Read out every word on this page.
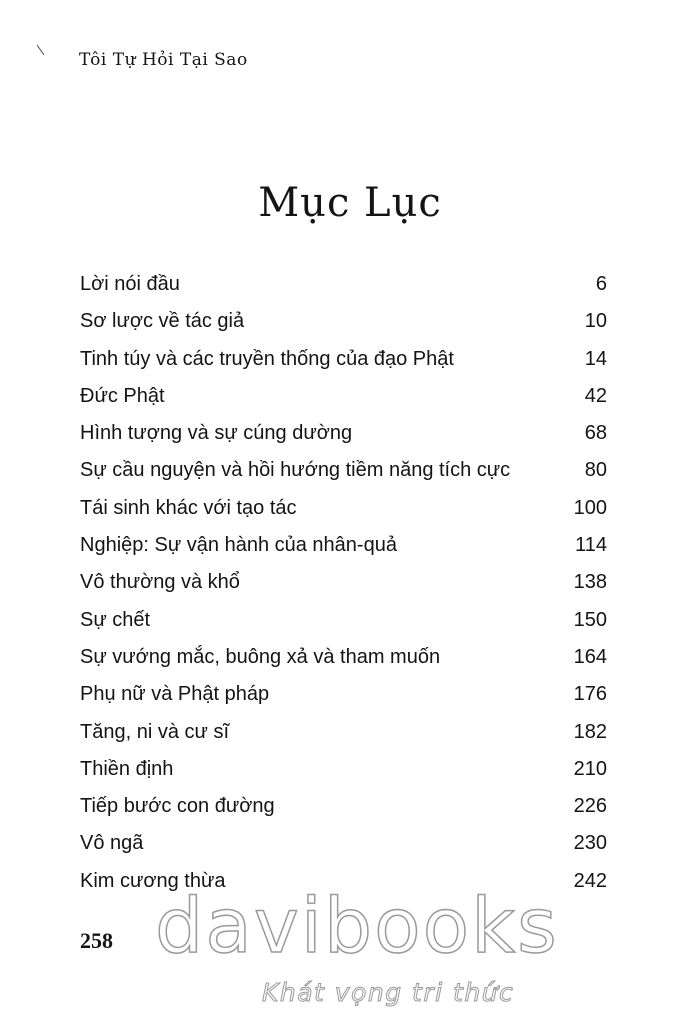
Tôi Tự Hỏi Tại Sao
Mục Lục
Lời nói đầu	6
Sơ lược về tác giả	10
Tinh túy và các truyền thống của đạo Phật	14
Đức Phật	42
Hình tượng và sự cúng dường	68
Sự cầu nguyện và hồi hướng tiềm năng tích cực	80
Tái sinh khác với tạo tác	100
Nghiệp: Sự vận hành của nhân-quả	114
Vô thường và khổ	138
Sự chết	150
Sự vướng mắc, buông xả và tham muốn	164
Phụ nữ và Phật pháp	176
Tăng, ni và cư sĩ	182
Thiền định	210
Tiếp bước con đường	226
Vô ngã	230
Kim cương thừa	242
258 davibooks
Khát vọng tri thức
